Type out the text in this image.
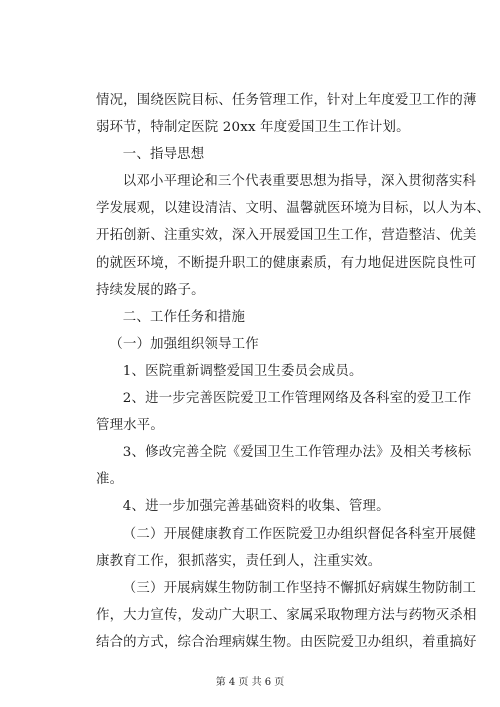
情况，围绕医院目标、任务管理工作，针对上年度爱卫工作的薄

弱环节，特制定医院 20xx 年度爱国卫生工作计划。

一、指导思想

以邓小平理论和三个代表重要思想为指导，深入贯彻落实科

学发展观，以建设清洁、文明、温馨就医环境为目标，以人为本、

开拓创新、注重实效，深入开展爱国卫生工作，营造整洁、优美

的就医环境，不断提升职工的健康素质，有力地促进医院良性可

持续发展的路子。

二、工作任务和措施

（一）加强组织领导工作

1、医院重新调整爱国卫生委员会成员。

2、进一步完善医院爱卫工作管理网络及各科室的爱卫工作

管理水平。

3、修改完善全院《爱国卫生工作管理办法》及相关考核标

准。

4、进一步加强完善基础资料的收集、管理。

（二）开展健康教育工作医院爱卫办组织督促各科室开展健

康教育工作，狠抓落实，责任到人，注重实效。

（三）开展病媒生物防制工作坚持不懈抓好病媒生物防制工

作，大力宣传，发动广大职工、家属采取物理方法与药物灭杀相

结合的方式，综合治理病媒生物。由医院爱卫办组织，着重搞好

第 4 页 共 6 页
